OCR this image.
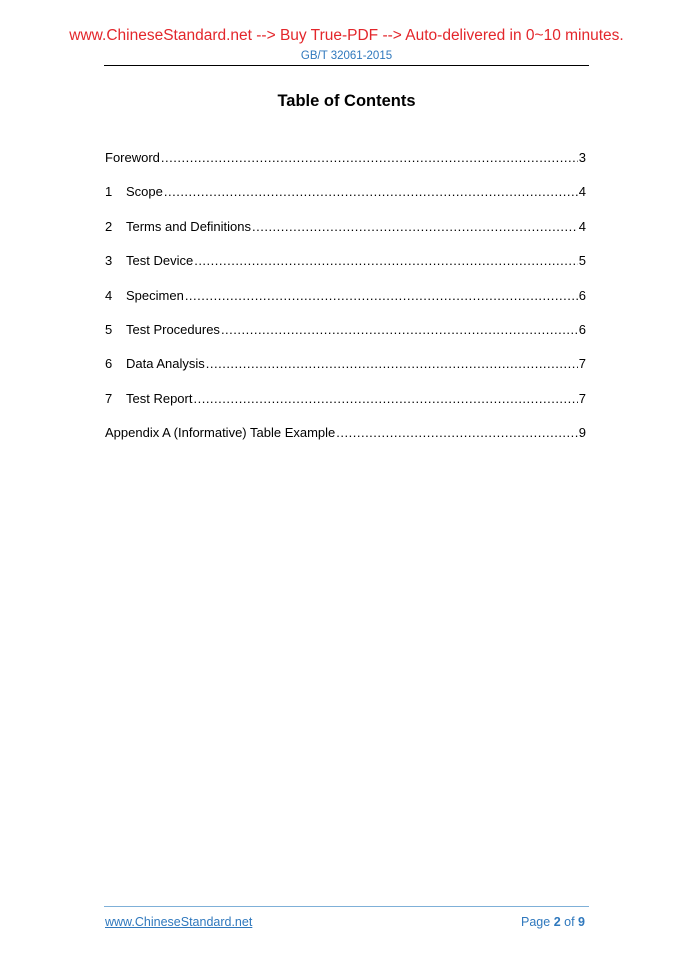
www.ChineseStandard.net --> Buy True-PDF --> Auto-delivered in 0~10 minutes.
GB/T 32061-2015
Table of Contents
Foreword .....	3
1	Scope .....	4
2	Terms and Definitions .....	4
3	Test Device .....	5
4	Specimen .....	6
5	Test Procedures .....	6
6	Data Analysis .....	7
7	Test Report .....	7
Appendix A (Informative) Table Example .....	9
www.ChineseStandard.net	Page 2 of 9
